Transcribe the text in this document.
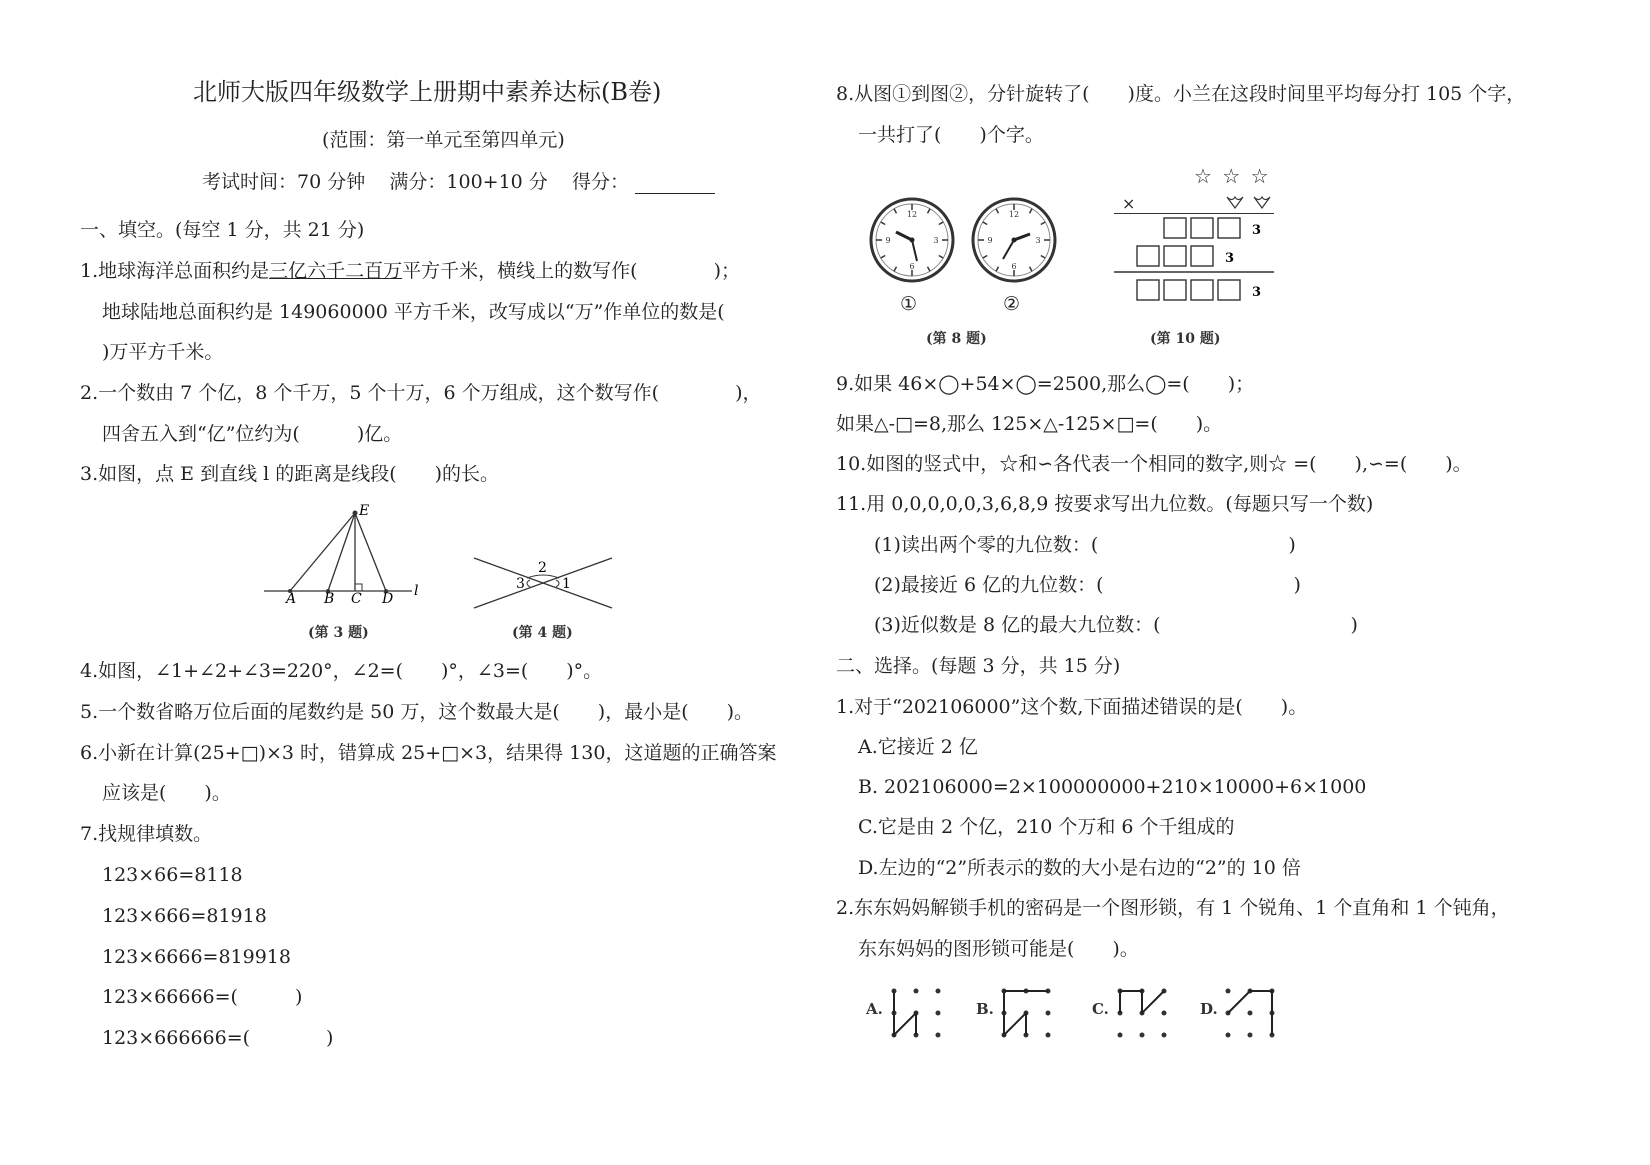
北师大版四年级数学上册期中素养达标(B卷)
(范围：第一单元至第四单元)
考试时间：70 分钟 满分：100+10 分 得分：
一、填空。(每空 1 分，共 21 分)
1.地球海洋总面积约是三亿六千二百万平方千米，横线上的数写作(　　　　)；
地球陆地总面积约是 149060000 平方千米，改写成以“万”作单位的数是(
)万平方千米。
2.一个数由 7 个亿，8 个千万，5 个十万，6 个万组成，这个数写作(　　　　)，
四舍五入到“亿”位约为(　　　)亿。
3.如图，点 E 到直线 l 的距离是线段(　　)的长。
E
A B C D l
(第 3 题)
2
3	1
(第 4 题)
4.如图，∠1+∠2+∠3=220°，∠2=(　　)°，∠3=(　　)°。
5.一个数省略万位后面的尾数约是 50 万，这个数最大是(　　)，最小是(　　)。
6.小新在计算(25+□)×3 时，错算成 25+□×3，结果得 130，这道题的正确答案
应该是(　　)。
7.找规律填数。
123×66=8118
123×666=81918
123×6666=819918
123×66666=(　　　)
123×666666=(　　　　)
8.从图①到图②，分针旋转了(　　)度。小兰在这段时间里平均每分打 105 个字，
一共打了(　　)个字。
12
3
6
9
①
12
3
6
9
②
(第 8 题)
☆ ☆ ☆
×
3
3
3
(第 10 题)
9.如果 46×◯+54×◯=2500,那么◯=(　　)；
如果△-□=8,那么 125×△-125×□=(　　)。
10.如图的竖式中，☆和∽各代表一个相同的数字,则☆ =(　　),∽=(　　)。
11.用 0,0,0,0,0,3,6,8,9 按要求写出九位数。(每题只写一个数)
(1)读出两个零的九位数：(　　　　　　　　　　)
(2)最接近 6 亿的九位数：(　　　　　　　　　　)
(3)近似数是 8 亿的最大九位数：(　　　　　　　　　　)
二、选择。(每题 3 分，共 15 分)
1.对于“202106000”这个数,下面描述错误的是(　　)。
A.它接近 2 亿
B. 202106000=2×100000000+210×10000+6×1000
C.它是由 2 个亿，210 个万和 6 个千组成的
D.左边的“2”所表示的数的大小是右边的“2”的 10 倍
2.东东妈妈解锁手机的密码是一个图形锁，有 1 个锐角、1 个直角和 1 个钝角，
东东妈妈的图形锁可能是(　　)。
A.	B.	C.	D.
